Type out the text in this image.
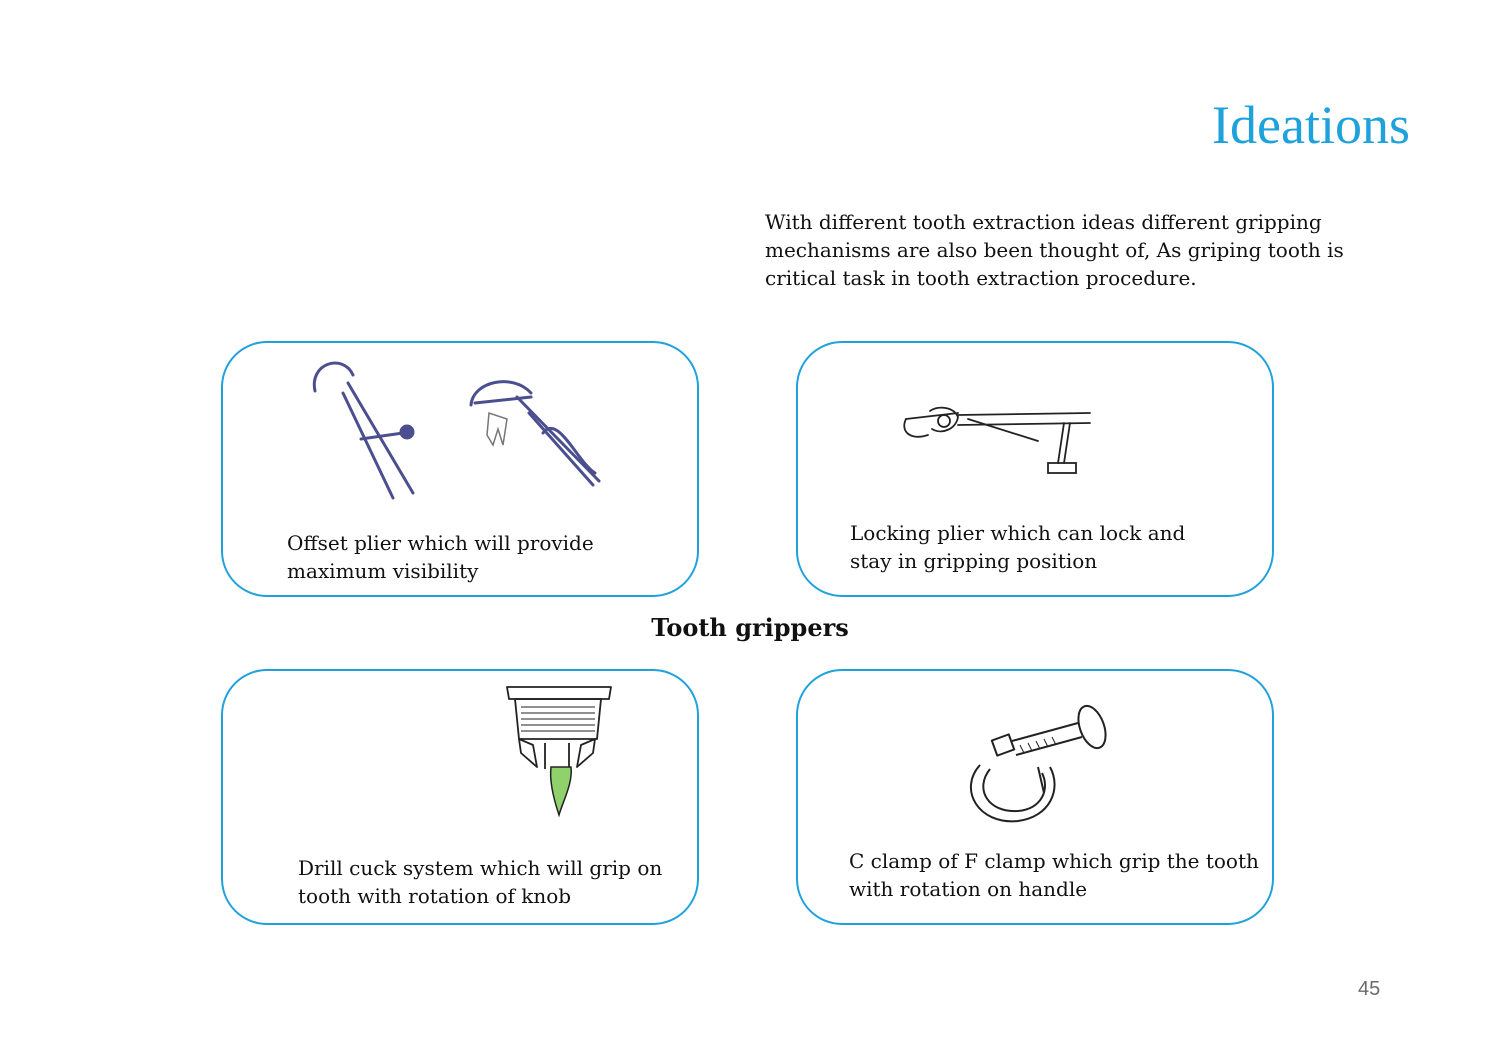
Ideations

With different tooth extraction ideas different gripping mechanisms are also been thought of, As griping tooth is critical task in tooth extraction procedure.

Offset plier which will provide
maximum visibility

Locking plier which can lock and
stay in gripping position

Tooth grippers

Drill cuck system which will grip on
tooth with rotation of knob

C clamp of F clamp which grip the tooth
with rotation on handle

45
